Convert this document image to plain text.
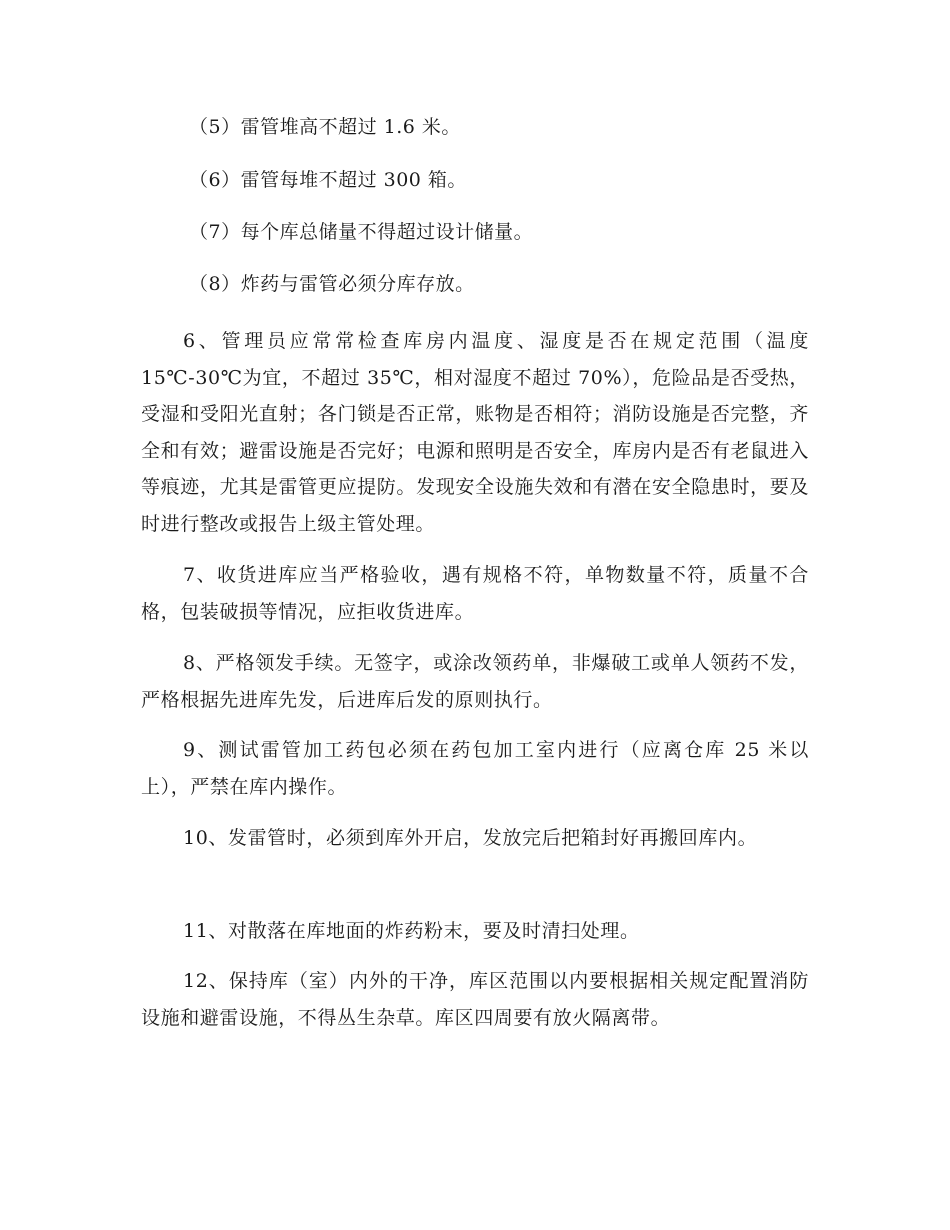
（5）雷管堆高不超过 1.6 米。
（6）雷管每堆不超过 300 箱。
（7）每个库总储量不得超过设计储量。
（8）炸药与雷管必须分库存放。

6、管理员应常常检查库房内温度、湿度是否在规定范围（温度15℃-30℃为宜，不超过 35℃，相对湿度不超过 70%），危险品是否受热，受湿和受阳光直射；各门锁是否正常，账物是否相符；消防设施是否完整，齐全和有效；避雷设施是否完好；电源和照明是否安全，库房内是否有老鼠进入等痕迹，尤其是雷管更应提防。发现安全设施失效和有潜在安全隐患时，要及时进行整改或报告上级主管处理。

7、收货进库应当严格验收，遇有规格不符，单物数量不符，质量不合格，包装破损等情况，应拒收货进库。

8、严格领发手续。无签字，或涂改领药单，非爆破工或单人领药不发，严格根据先进库先发，后进库后发的原则执行。

9、测试雷管加工药包必须在药包加工室内进行（应离仓库 25 米以上），严禁在库内操作。

10、发雷管时，必须到库外开启，发放完后把箱封好再搬回库内。

11、对散落在库地面的炸药粉末，要及时清扫处理。

12、保持库（室）内外的干净，库区范围以内要根据相关规定配置消防设施和避雷设施，不得丛生杂草。库区四周要有放火隔离带。
